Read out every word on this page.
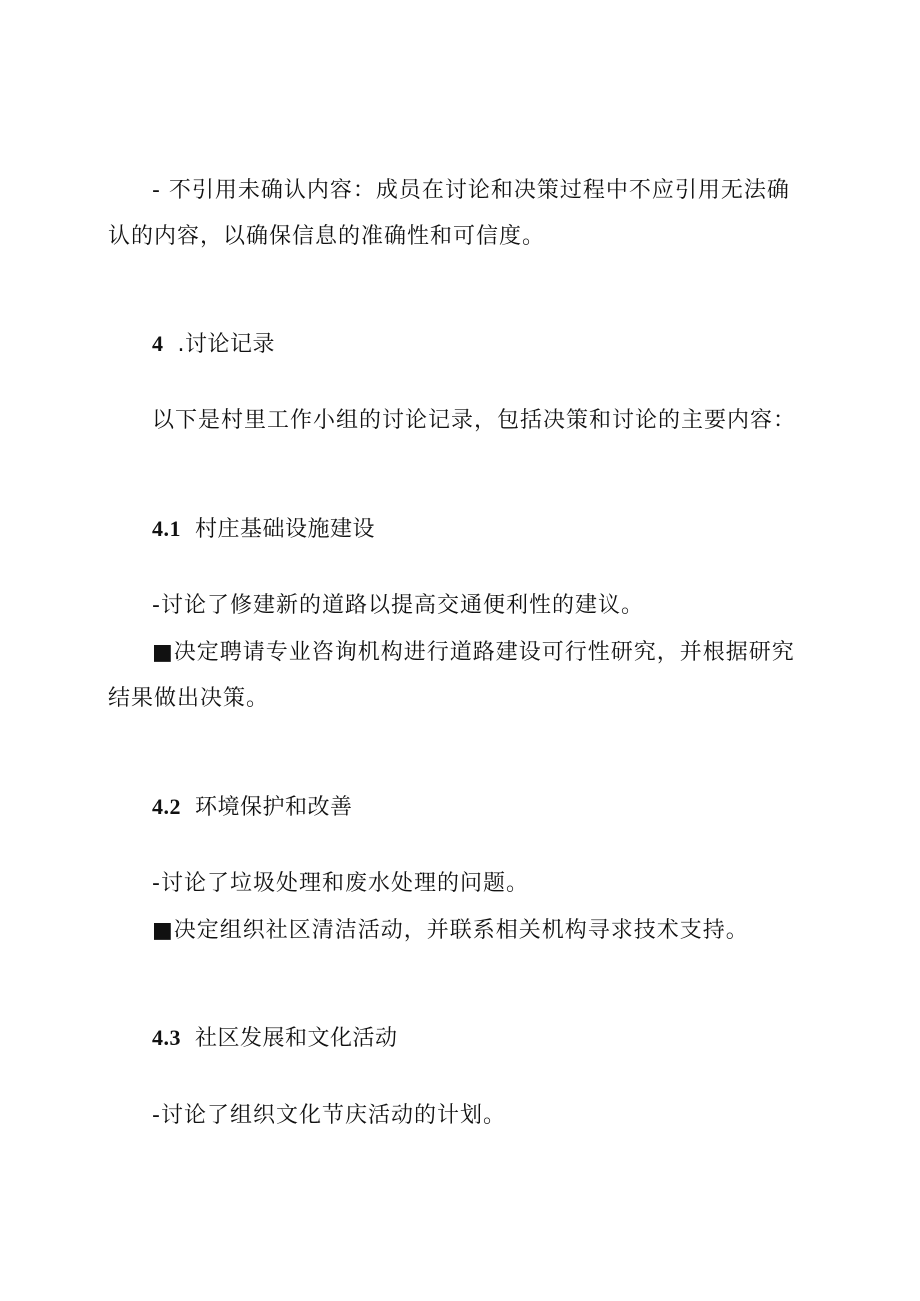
- 不引用未确认内容：成员在讨论和决策过程中不应引用无法确认的内容，以确保信息的准确性和可信度。
4 .讨论记录
以下是村里工作小组的讨论记录，包括决策和讨论的主要内容：
4.1 村庄基础设施建设
-讨论了修建新的道路以提高交通便利性的建议。
■决定聘请专业咨询机构进行道路建设可行性研究，并根据研究结果做出决策。
4.2 环境保护和改善
-讨论了垃圾处理和废水处理的问题。
■决定组织社区清洁活动，并联系相关机构寻求技术支持。
4.3 社区发展和文化活动
-讨论了组织文化节庆活动的计划。
